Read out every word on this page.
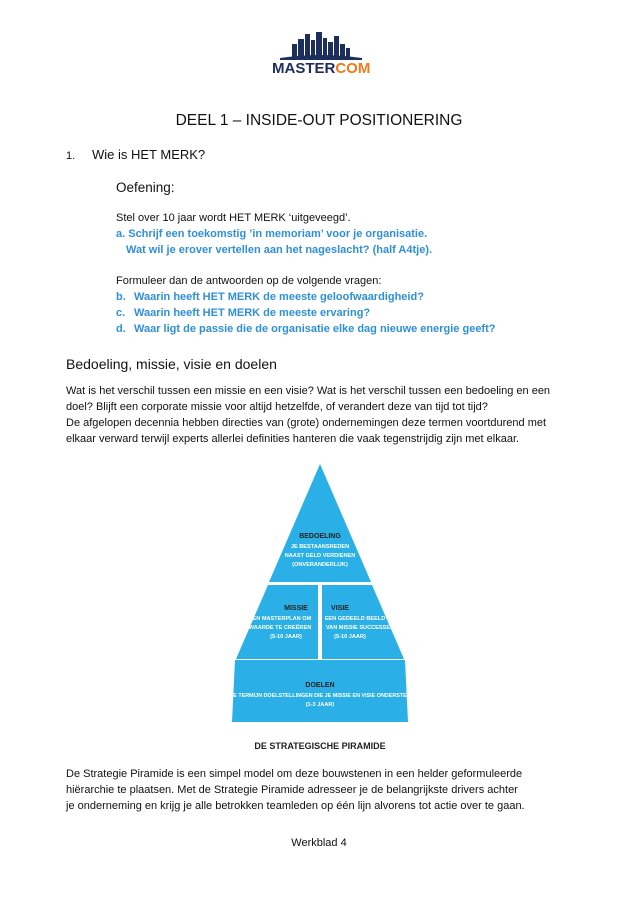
MASTERCOM
DEEL 1 – INSIDE-OUT POSITIONERING
1. Wie is HET MERK?
Oefening:
Stel over 10 jaar wordt HET MERK ‘uitgeveegd’.
a. Schrijf een toekomstig ’in memoriam’ voor je organisatie.
Wat wil je erover vertellen aan het nageslacht? (half A4tje).
Formuleer dan de antwoorden op de volgende vragen:
b. Waarin heeft HET MERK de meeste geloofwaardigheid?
c. Waarin heeft HET MERK de meeste ervaring?
d. Waar ligt de passie die de organisatie elke dag nieuwe energie geeft?
Bedoeling, missie, visie en doelen
Wat is het verschil tussen een missie en een visie? Wat is het verschil tussen een bedoeling en een
doel? Blijft een corporate missie voor altijd hetzelfde, of verandert deze van tijd tot tijd?
De afgelopen decennia hebben directies van (grote) ondernemingen deze termen voortdurend met
elkaar verward terwijl experts allerlei definities hanteren die vaak tegenstrijdig zijn met elkaar.
BEDOELING
JE BESTAANSREDEN
NAAST GELD VERDIENEN
(ONVERANDERLIJK)
MISSIE
EEN MASTERPLAN OM
WAARDE TE CREËREN
(5-10 JAAR)
VISIE
EEN GEDEELD BEELD
VAN MISSIE SUCCESSEN
(5-10 JAAR)
DOELEN
KORTE TERMIJN DOELSTELLINGEN DIE JE MISSIE EN VISIE ONDERSTEUNEN
(1-3 JAAR)
DE STRATEGISCHE PIRAMIDE
De Strategie Piramide is een simpel model om deze bouwstenen in een helder geformuleerde
hiërarchie te plaatsen. Met de Strategie Piramide adresseer je de belangrijkste drivers achter
je onderneming en krijg je alle betrokken teamleden op één lijn alvorens tot actie over te gaan.
Werkblad 4
